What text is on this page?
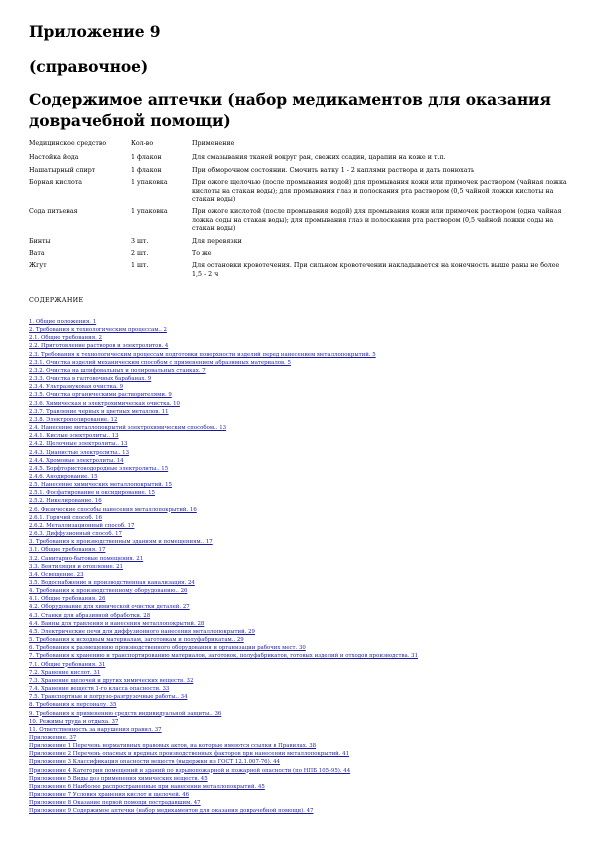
Приложение 9
(справочное)
Содержимое аптечки (набор медикаментов для оказания доврачебной помощи)
Медицинское средство	Кол-во	Применение
Настойка йода	1 флакон	Для смазывания тканей вокруг ран, свежих ссадин, царапин на коже и т.п.
Нашатырный спирт	1 флакон	При обморочном состоянии. Смочить ватку 1 - 2 каплями раствора и дать понюхать
Борная кислота	1 упаковка	При ожоге щелочью (после промывания водой) для промывания кожи или примочек раствором (чайная ложка кислоты на стакан воды); для промывания глаз и полоскания рта раствором (0,5 чайной ложки кислоты на стакан воды)
Сода питьевая	1 упаковка	При ожоге кислотой (после промывания водой) для промывания кожи или примочек раствором (одна чайная ложка соды на стакан воды); для промывания глаз и полоскания рта раствором (0,5 чайной ложки соды на стакан воды)
Бинты	3 шт.	Для перевязки
Вата	2 шт.	То же
Жгут	1 шт.	Для остановки кровотечения. При сильном кровотечении накладывается на конечность выше раны не более 1,5 - 2 ч
СОДЕРЖАНИЕ
1. Общие положения. 1
2. Требования к технологическим процессам.. 2
2.1. Общие требования. 2
2.2. Приготовление растворов и электролитов. 4
2.3. Требования к технологическим процессам подготовки поверхности изделий перед нанесением металлопокрытий. 5
2.3.1. Очистка изделий механическим способом с применением абразивных материалов. 5
2.3.2. Очистка на шлифовальных и полировальных станках. 7
2.3.3. Очистка в галтовочных барабанах. 9
2.3.4. Ультразвуковая очистка. 9
2.3.5. Очистка органическими растворителями. 9
2.3.6. Химическая и электрохимическая очистка. 10
2.3.7. Травление черных и цветных металлов. 11
2.3.8. Электрополирование. 12
2.4. Нанесение металлопокрытий электрохимическим способом.. 13
2.4.1. Кислые электролиты.. 13
2.4.2. Щелочные электролиты.. 13
2.4.3. Цианистые электролиты.. 13
2.4.4. Хромовые электролиты. 14
2.4.5. Борфтористоводородные электролиты.. 15
2.4.6. Анодирование. 15
2.5. Нанесение химических металлопокрытий. 15
2.5.1. Фосфатирование и оксидирование. 15
2.5.2. Никелирование. 16
2.6. Физические способы нанесения металлопокрытий. 16
2.6.1. Горячий способ. 16
2.6.2. Металлизационный способ. 17
2.6.3. Диффузионный способ. 17
3. Требования к производственным зданиям и помещениям.. 17
3.1. Общие требования. 17
3.2. Санитарно-бытовые помещения. 21
3.3. Вентиляция и отопление. 21
3.4. Освещение. 23
3.5. Водоснабжение и производственная канализация. 24
4. Требования к производственному оборудованию.. 26
4.1. Общие требования. 26
4.2. Оборудование для химической очистки деталей. 27
4.3. Станки для абразивной обработки. 28
4.4. Ванны для травления и нанесения металлопокрытий. 28
4.5. Электрические печи для диффузионного нанесения металлопокрытий. 29
5. Требования к исходным материалам, заготовкам и полуфабрикатам.. 29
6. Требования к размещению производственного оборудования и организации рабочих мест. 30
7. Требования к хранению и транспортированию материалов, заготовок, полуфабрикатов, готовых изделий и отходов производства. 31
7.1. Общие требования. 31
7.2. Хранение кислот. 31
7.3. Хранение щелочей и других химических веществ. 32
7.4. Хранение веществ 1-го класса опасности. 33
7.5. Транспортные и погрузо-разгрузочные работы.. 34
8. Требования к персоналу. 35
9. Требования к применению средств индивидуальной защиты.. 36
10. Режимы труда и отдыха. 37
11. Ответственность за нарушения правил. 37
Приложение. 37
Приложение 1 Перечень нормативных правовых актов, на которые имеются ссылки в Правилах. 38
Приложение 2 Перечень опасных и вредных производственных факторов при нанесении металлопокрытий. 41
Приложение 3 Классификация опасности веществ (выдержки из ГОСТ 12.1.007-76). 44
Приложение 4 Категория помещений и зданий по взрывопожарной и пожарной опасности (по НПБ 105-95). 44
Приложение 5 Виды доз применения химических веществ. 45
Приложение 6 Наиболее распространенные при нанесении металлопокрытий. 45
Приложение 7 Условия хранения кислот и щелочей. 46
Приложение 8 Оказание первой помощи пострадавшим. 47
Приложение 9 Содержимое аптечки (набор медикаментов для оказания доврачебной помощи). 47
